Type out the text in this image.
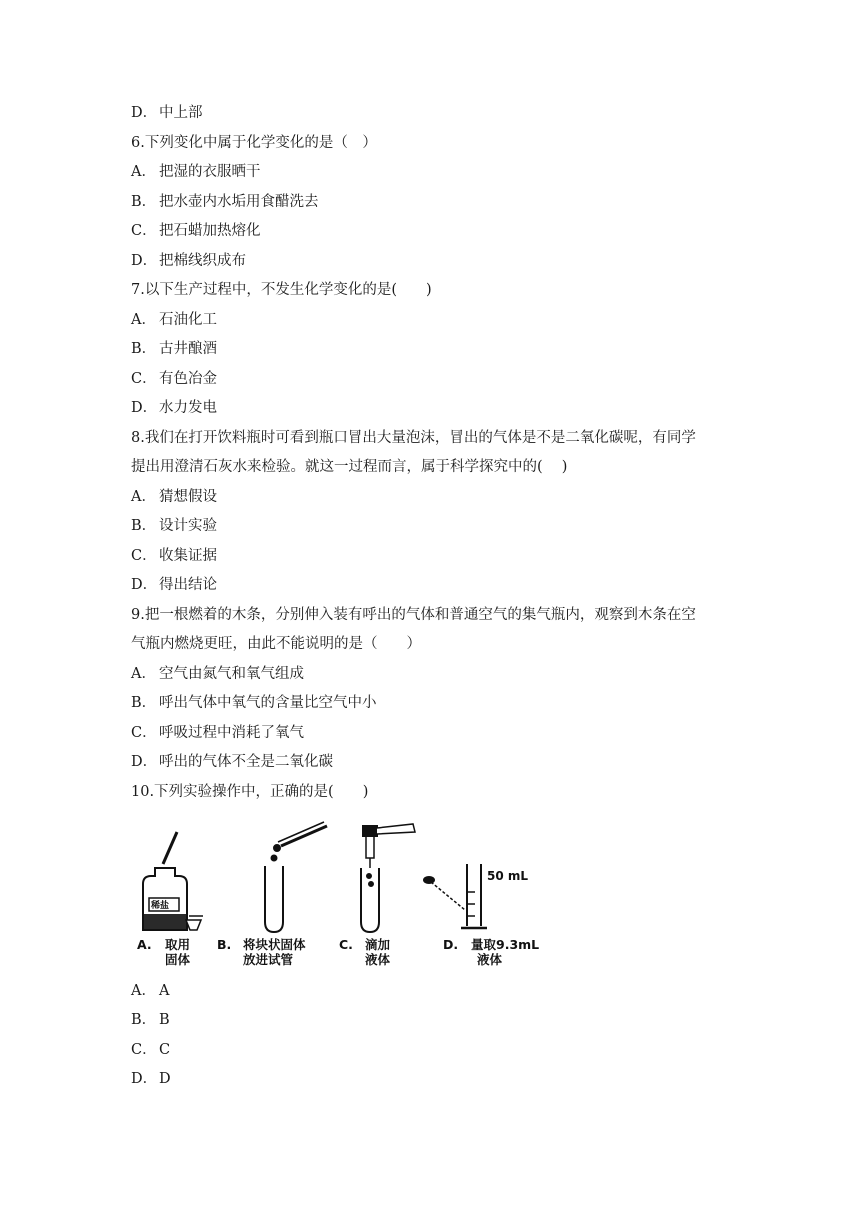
D． 中上部
6.下列变化中属于化学变化的是（　）
A． 把湿的衣服晒干
B． 把水壶内水垢用食醋洗去
C． 把石蜡加热熔化
D． 把棉线织成布
7.以下生产过程中，不发生化学变化的是(　　)
A． 石油化工
B． 古井酿酒
C． 有色冶金
D． 水力发电
8.我们在打开饮料瓶时可看到瓶口冒出大量泡沫，冒出的气体是不是二氧化碳呢，有同学
提出用澄清石灰水来检验。就这一过程而言，属于科学探究中的(　 )
A． 猜想假设
B． 设计实验
C． 收集证据
D． 得出结论
9.把一根燃着的木条，分别伸入装有呼出的气体和普通空气的集气瓶内，观察到木条在空
气瓶内燃烧更旺，由此不能说明的是（　　）
A． 空气由氮气和氧气组成
B． 呼出气体中氧气的含量比空气中小
C． 呼吸过程中消耗了氧气
D． 呼出的气体不全是二氧化碳
10.下列实验操作中，正确的是(　　)
稀盐
50 mL
A. 取用
固体
B. 将块状固体
放进试管
C. 滴加
液体
D. 量取9.3mL
液体
A． A
B． B
C． C
D． D
